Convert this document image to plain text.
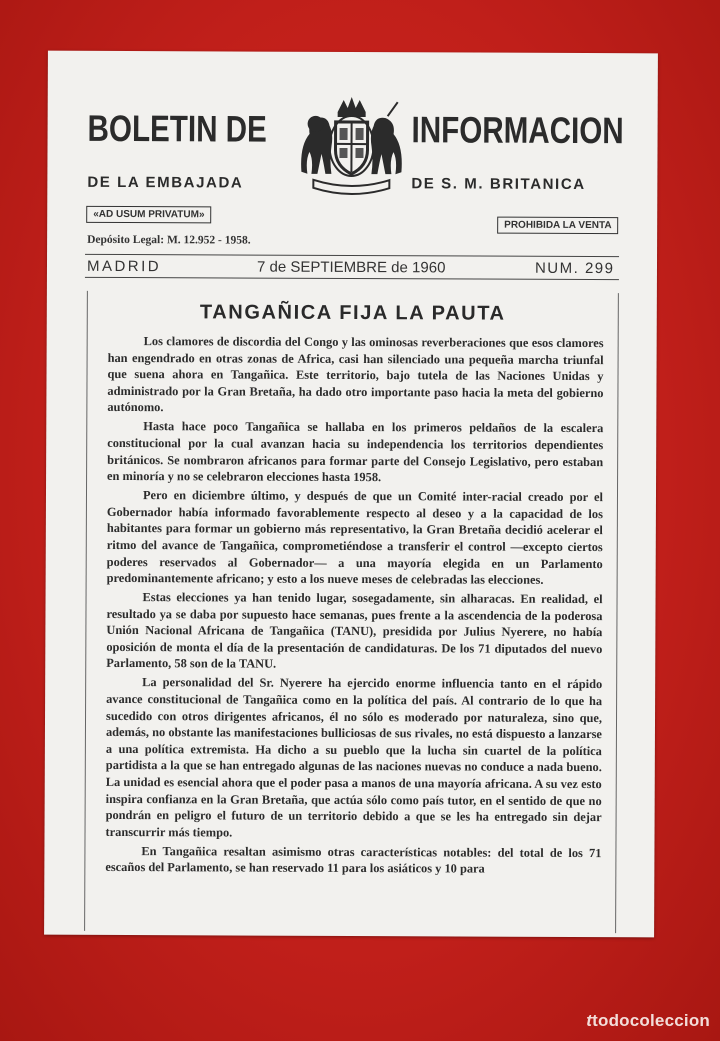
BOLETIN DE	INFORMACION
DE LA EMBAJADA	DE S. M. BRITANICA
«AD USUM PRIVATUM»
PROHIBIDA LA VENTA
Depósito Legal: M. 12.952 - 1958.
MADRID	7 de SEPTIEMBRE de 1960	NUM. 299
TANGAÑICA FIJA LA PAUTA

Los clamores de discordia del Congo y las ominosas reverberaciones que esos clamores han engendrado en otras zonas de Africa, casi han silenciado una pequeña marcha triunfal que suena ahora en Tangañica. Este territorio, bajo tutela de las Naciones Unidas y administrado por la Gran Bretaña, ha dado otro importante paso hacia la meta del gobierno autónomo.

Hasta hace poco Tangañica se hallaba en los primeros peldaños de la escalera constitucional por la cual avanzan hacia su independencia los territorios dependientes británicos. Se nombraron africanos para formar parte del Consejo Legislativo, pero estaban en minoría y no se celebraron elecciones hasta 1958.

Pero en diciembre último, y después de que un Comité inter-racial creado por el Gobernador había informado favorablemente respecto al deseo y a la capacidad de los habitantes para formar un gobierno más representativo, la Gran Bretaña decidió acelerar el ritmo del avance de Tangañica, comprometiéndose a transferir el control —excepto ciertos poderes reservados al Gobernador— a una mayoría elegida en un Parlamento predominantemente africano; y esto a los nueve meses de celebradas las elecciones.

Estas elecciones ya han tenido lugar, sosegadamente, sin alharacas. En realidad, el resultado ya se daba por supuesto hace semanas, pues frente a la ascendencia de la poderosa Unión Nacional Africana de Tangañica (TANU), presidida por Julius Nyerere, no había oposición de monta el día de la presentación de candidaturas. De los 71 diputados del nuevo Parlamento, 58 son de la TANU.

La personalidad del Sr. Nyerere ha ejercido enorme influencia tanto en el rápido avance constitucional de Tangañica como en la política del país. Al contrario de lo que ha sucedido con otros dirigentes africanos, él no sólo es moderado por naturaleza, sino que, además, no obstante las manifestaciones bulliciosas de sus rivales, no está dispuesto a lanzarse a una política extremista. Ha dicho a su pueblo que la lucha sin cuartel de la política partidista a la que se han entregado algunas de las naciones nuevas no conduce a nada bueno. La unidad es esencial ahora que el poder pasa a manos de una mayoría africana. A su vez esto inspira confianza en la Gran Bretaña, que actúa sólo como país tutor, en el sentido de que no pondrán en peligro el futuro de un territorio debido a que se les ha entregado sin dejar transcurrir más tiempo.

En Tangañica resaltan asimismo otras características notables: del total de los 71 escaños del Parlamento, se han reservado 11 para los asiáticos y 10 para

ttodocoleccion
